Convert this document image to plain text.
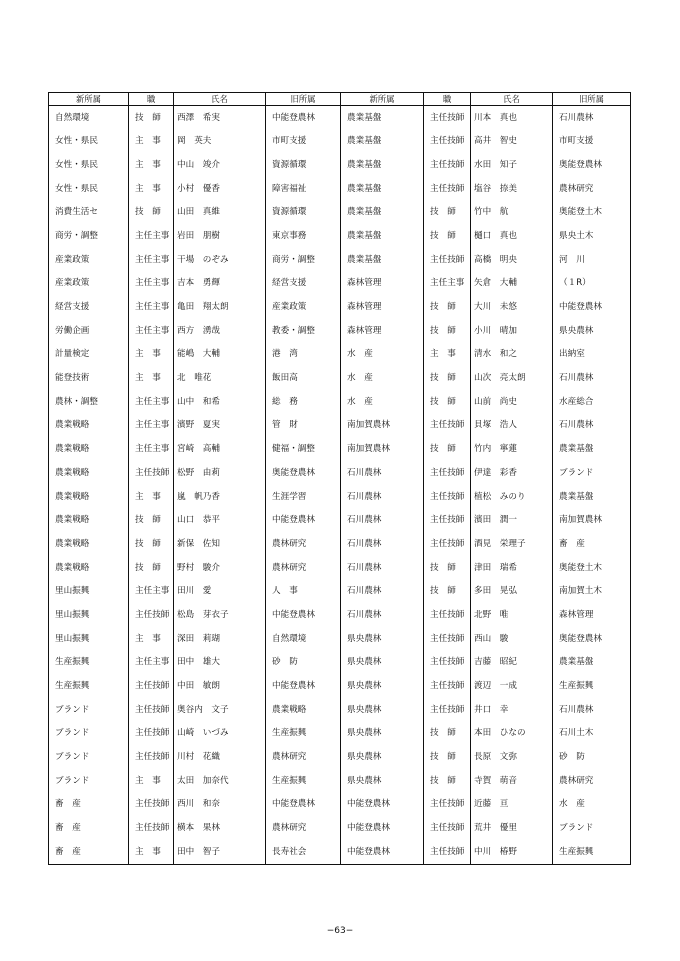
新所属	職	氏名	旧所属	新所属	職	氏名	旧所属
自然環境	技　師	西澤　希実	中能登農林	農業基盤	主任技師	川本　真也	石川農林
女性・県民	主　事	岡　英夫	市町支援	農業基盤	主任技師	高井　智史	市町支援
女性・県民	主　事	中山　竣介	資源循環	農業基盤	主任技師	水田　知子	奥能登農林
女性・県民	主　事	小村　優香	障害福祉	農業基盤	主任技師	塩谷　捺美	農林研究
消費生活セ	技　師	山田　真維	資源循環	農業基盤	技　師	竹中　航	奥能登土木
商労・調整	主任主事	岩田　朋樹	東京事務	農業基盤	技　師	樋口　真也	県央土木
産業政策	主任主事	干場　のぞみ	商労・調整	農業基盤	主任技師	高橋　明央	河　川
産業政策	主任主事	吉本　勇輝	経営支援	森林管理	主任主事	矢倉　大輔	（１R）
経営支援	主任主事	亀田　翔太朗	産業政策	森林管理	技　師	大川　未悠	中能登農林
労働企画	主任主事	西方　湧哉	教委・調整	森林管理	技　師	小川　晴加	県央農林
計量検定	主　事	能嶋　大輔	港　湾	水　産	主　事	清水　和之	出納室
能登技術	主　事	北　唯花	飯田高	水　産	技　師	山次　亮太朗	石川農林
農林・調整	主任主事	山中　和希	総　務	水　産	技　師	山前　尚史	水産総合
農業戦略	主任主事	濱野　夏実	管　財	南加賀農林	主任技師	貝塚　浩人	石川農林
農業戦略	主任主事	宮崎　高輔	健福・調整	南加賀農林	技　師	竹内　寧蓮	農業基盤
農業戦略	主任技師	松野　由莉	奥能登農林	石川農林	主任技師	伊達　彩香	ブランド
農業戦略	主　事	嵐　帆乃香	生涯学習	石川農林	主任技師	植松　みのり	農業基盤
農業戦略	技　師	山口　恭平	中能登農林	石川農林	主任技師	濱田　潤一	南加賀農林
農業戦略	技　師	新保　佐知	農林研究	石川農林	主任技師	酒見　栄理子	畜　産
農業戦略	技　師	野村　駿介	農林研究	石川農林	技　師	津田　瑞希	奥能登土木
里山振興	主任主事	田川　愛	人　事	石川農林	技　師	多田　晃弘	南加賀土木
里山振興	主任技師	松島　芽衣子	中能登農林	石川農林	主任技師	北野　唯	森林管理
里山振興	主　事	深田　莉瑚	自然環境	県央農林	主任技師	西山　駿	奥能登農林
生産振興	主任主事	田中　雄大	砂　防	県央農林	主任技師	吉藤　昭紀	農業基盤
生産振興	主任技師	中田　敏朗	中能登農林	県央農林	主任技師	渡辺　一成	生産振興
ブランド	主任技師	奥谷内　文子	農業戦略	県央農林	主任技師	井口　幸	石川農林
ブランド	主任技師	山崎　いづみ	生産振興	県央農林	技　師	本田　ひなの	石川土木
ブランド	主任技師	川村　花織	農林研究	県央農林	技　師	長原　文弥	砂　防
ブランド	主　事	太田　加奈代	生産振興	県央農林	技　師	寺賀　萌音	農林研究
畜　産	主任技師	西川　和奈	中能登農林	中能登農林	主任技師	近藤　亘	水　産
畜　産	主任技師	横本　果林	農林研究	中能登農林	主任技師	荒井　優里	ブランド
畜　産	主　事	田中　智子	長寿社会	中能登農林	主任技師	中川　椿野	生産振興
−63−
